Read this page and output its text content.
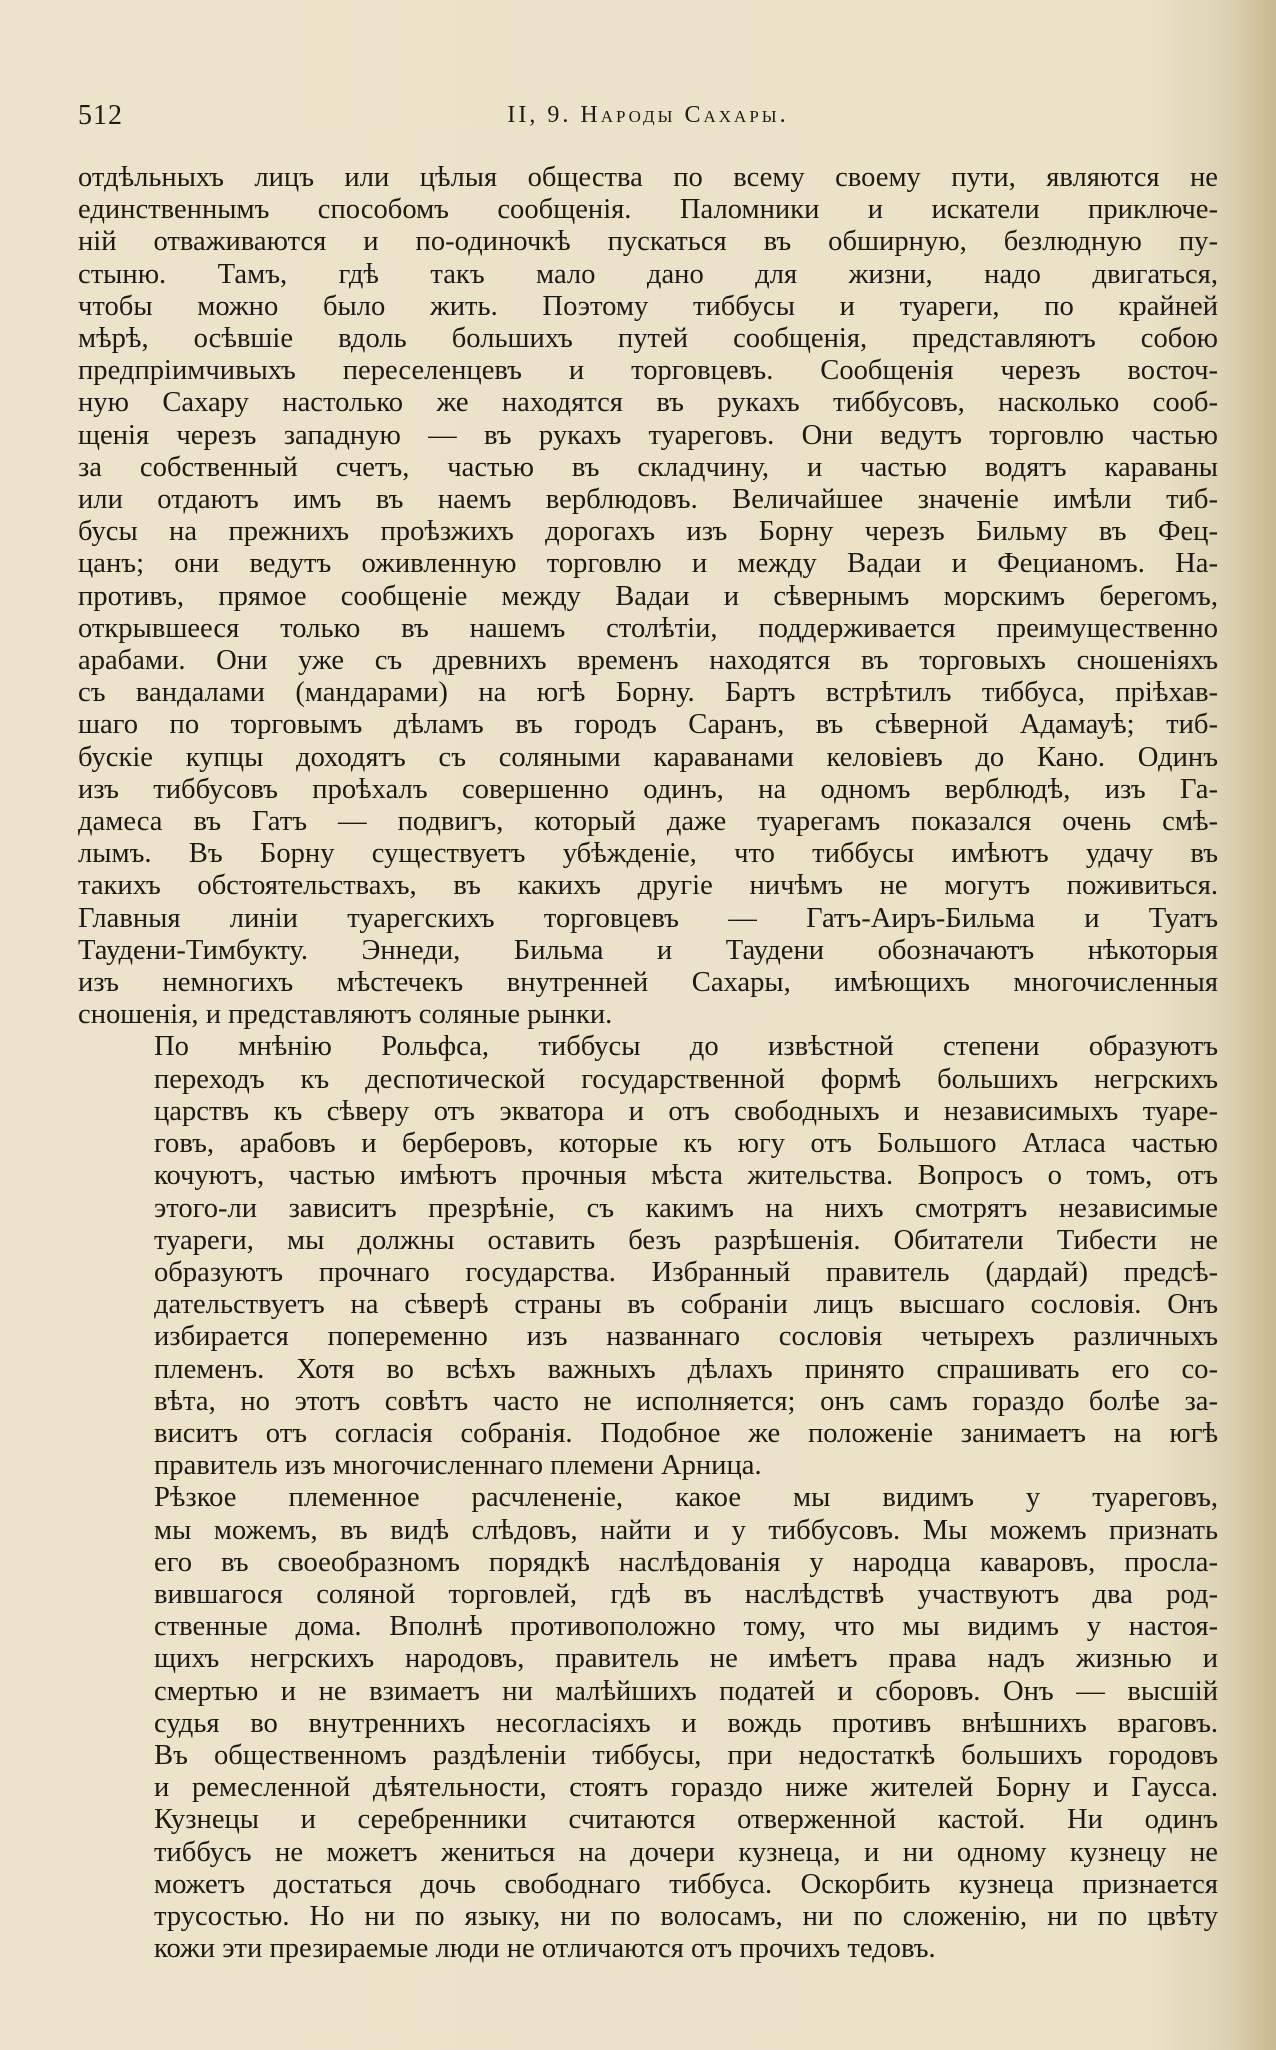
512	II, 9. Народы Сахары.

отдѣльныхъ лицъ или цѣлыя общества по всему своему пути, являются не
единственнымъ способомъ сообщенія. Паломники и искатели приключе-
ній отваживаются и по-одиночкѣ пускаться въ обширную, безлюдную пу-
стыню. Тамъ, гдѣ такъ мало дано для жизни, надо двигаться,
чтобы можно было жить. Поэтому тиббусы и туареги, по крайней
мѣрѣ, осѣвшіе вдоль большихъ путей сообщенія, представляютъ собою
предпріимчивыхъ переселенцевъ и торговцевъ. Сообщенія черезъ восточ-
ную Сахару настолько же находятся въ рукахъ тиббусовъ, насколько сооб-
щенія черезъ западную — въ рукахъ туареговъ. Они ведутъ торговлю частью
за собственный счетъ, частью въ складчину, и частью водятъ караваны
или отдаютъ имъ въ наемъ верблюдовъ. Величайшее значеніе имѣли тиб-
бусы на прежнихъ проѣзжихъ дорогахъ изъ Борну черезъ Бильму въ Фец-
цанъ; они ведутъ оживленную торговлю и между Вадаи и Фецианомъ. На-
противъ, прямое сообщеніе между Вадаи и сѣвернымъ морскимъ берегомъ,
открывшееся только въ нашемъ столѣтіи, поддерживается преимущественно
арабами. Они уже съ древнихъ временъ находятся въ торговыхъ сношеніяхъ
съ вандалами (мандарами) на югѣ Борну. Бартъ встрѣтилъ тиббуса, пріѣхав-
шаго по торговымъ дѣламъ въ городъ Саранъ, въ сѣверной Адамауѣ; тиб-
бускіе купцы доходятъ съ соляными караванами келовіевъ до Кано. Одинъ
изъ тиббусовъ проѣхалъ совершенно одинъ, на одномъ верблюдѣ, изъ Га-
дамеса въ Гатъ — подвигъ, который даже туарегамъ показался очень смѣ-
лымъ. Въ Борну существуетъ убѣжденіе, что тиббусы имѣютъ удачу въ
такихъ обстоятельствахъ, въ какихъ другіе ничѣмъ не могутъ поживиться.
Главныя линіи туарегскихъ торговцевъ — Гатъ-Аиръ-Бильма и Туатъ
Таудени-Тимбукту. Эннеди, Бильма и Таудени обозначаютъ нѣкоторыя
изъ немногихъ мѣстечекъ внутренней Сахары, имѣющихъ многочисленныя
сношенія, и представляютъ соляные рынки.

По мнѣнію Рольфса, тиббусы до извѣстной степени образуютъ
переходъ къ деспотической государственной формѣ большихъ негрскихъ
царствъ къ сѣверу отъ экватора и отъ свободныхъ и независимыхъ туаре-
говъ, арабовъ и берберовъ, которые къ югу отъ Большого Атласа частью
кочуютъ, частью имѣютъ прочныя мѣста жительства. Вопросъ о томъ, отъ
этого-ли зависитъ презрѣніе, съ какимъ на нихъ смотрятъ независимые
туареги, мы должны оставить безъ разрѣшенія. Обитатели Тибести не
образуютъ прочнаго государства. Избранный правитель (дардай) предсѣ-
дательствуетъ на сѣверѣ страны въ собраніи лицъ высшаго сословія. Онъ
избирается попеременно изъ названнаго сословія четырехъ различныхъ
племенъ. Хотя во всѣхъ важныхъ дѣлахъ принято спрашивать его со-
вѣта, но этотъ совѣтъ часто не исполняется; онъ самъ гораздо болѣе за-
виситъ отъ согласія собранія. Подобное же положеніе занимаетъ на югѣ
правитель изъ многочисленнаго племени Арница.

Рѣзкое племенное расчлененіе, какое мы видимъ у туареговъ,
мы можемъ, въ видѣ слѣдовъ, найти и у тиббусовъ. Мы можемъ признать
его въ своеобразномъ порядкѣ наслѣдованія у народца каваровъ, просла-
вившагося соляной торговлей, гдѣ въ наслѣдствѣ участвуютъ два род-
ственные дома. Вполнѣ противоположно тому, что мы видимъ у настоя-
щихъ негрскихъ народовъ, правитель не имѣетъ права надъ жизнью и
смертью и не взимаетъ ни малѣйшихъ податей и сборовъ. Онъ — высшій
судья во внутреннихъ несогласіяхъ и вождь противъ внѣшнихъ враговъ.
Въ общественномъ раздѣленіи тиббусы, при недостаткѣ большихъ городовъ
и ремесленной дѣятельности, стоятъ гораздо ниже жителей Борну и Гаусса.
Кузнецы и серебренники считаются отверженной кастой. Ни одинъ
тиббусъ не можетъ жениться на дочери кузнеца, и ни одному кузнецу не
можетъ достаться дочь свободнаго тиббуса. Оскорбить кузнеца признается
трусостью. Но ни по языку, ни по волосамъ, ни по сложенію, ни по цвѣту
кожи эти презираемые люди не отличаются отъ прочихъ тедовъ.
